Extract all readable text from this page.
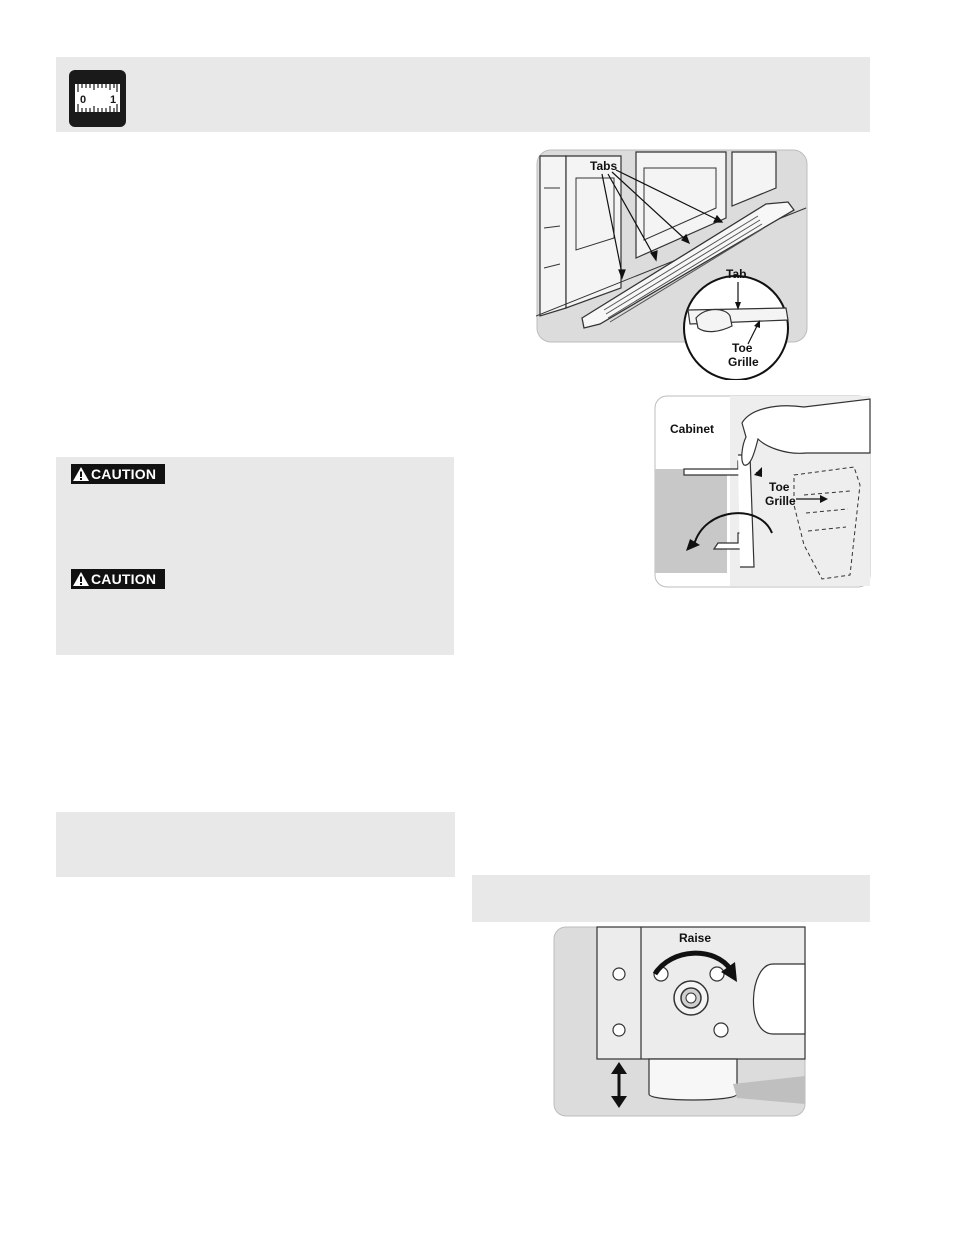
0 1
CAUTION
CAUTION
Tabs
Tab
Toe
Grille
Cabinet
Toe
Grille
Raise
